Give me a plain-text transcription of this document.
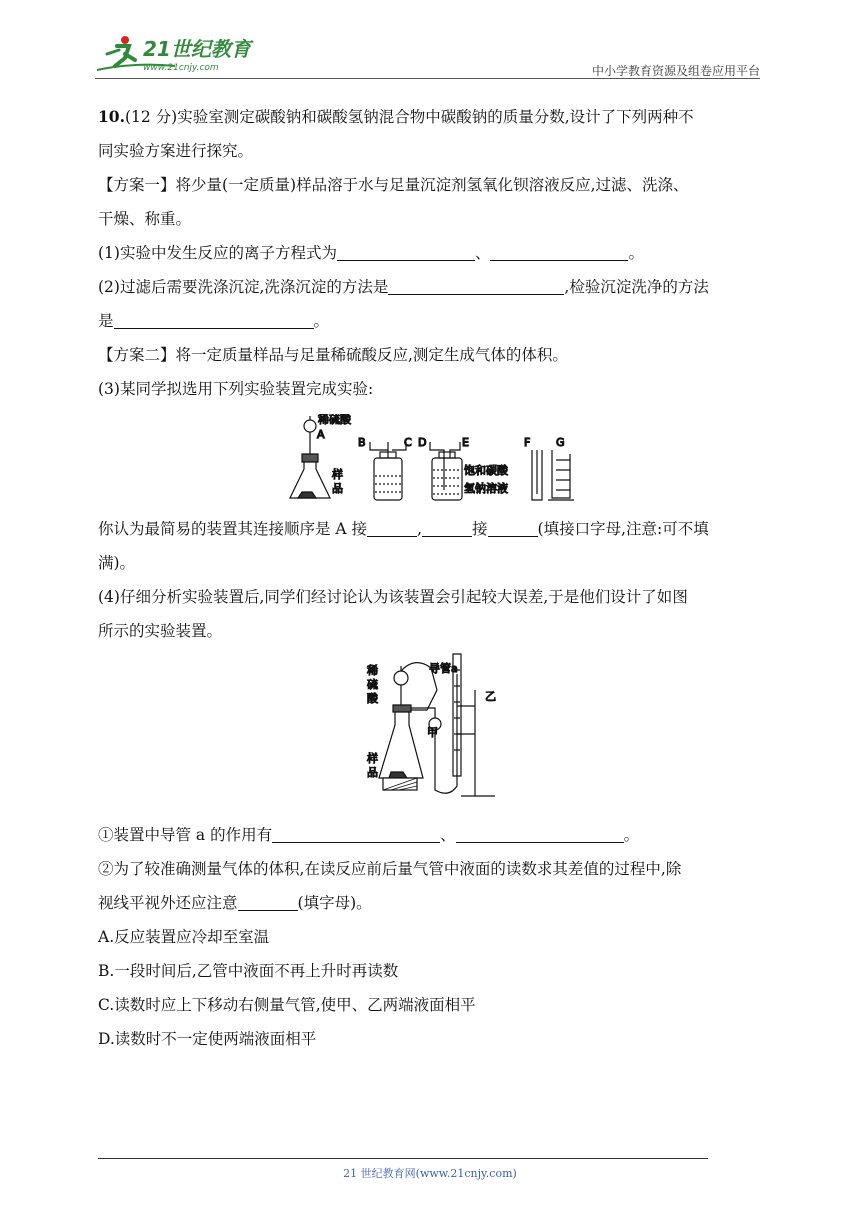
21世纪教育
www.21cnjy.com	中小学教育资源及组卷应用平台
10.(12 分)实验室测定碳酸钠和碳酸氢钠混合物中碳酸钠的质量分数,设计了下列两种不
同实验方案进行探究。
【方案一】将少量(一定质量)样品溶于水与足量沉淀剂氢氧化钡溶液反应,过滤、洗涤、
干燥、称重。
(1)实验中发生反应的离子方程式为	、	。
(2)过滤后需要洗涤沉淀,洗涤沉淀的方法是	,检验沉淀洗净的方法
是	。
【方案二】将一定质量样品与足量稀硫酸反应,测定生成气体的体积。
(3)某同学拟选用下列实验装置完成实验:
你认为最简易的装置其连接顺序是 A 接	,	接	(填接口字母,注意:可不填
满)。
(4)仔细分析实验装置后,同学们经讨论认为该装置会引起较大误差,于是他们设计了如图
所示的实验装置。
①装置中导管 a 的作用有	、	。
②为了较准确测量气体的体积,在读反应前后量气管中液面的读数求其差值的过程中,除
视线平视外还应注意	(填字母)。
A.反应装置应冷却至室温
B.一段时间后,乙管中液面不再上升时再读数
C.读数时应上下移动右侧量气管,使甲、乙两端液面相平
D.读数时不一定使两端液面相平
稀硫酸
A
样
品
B	C D	E
饱和碳酸
氢钠溶液
F G
稀
硫
酸
导管a
乙
甲
样
品
21 世纪教育网(www.21cnjy.com)
